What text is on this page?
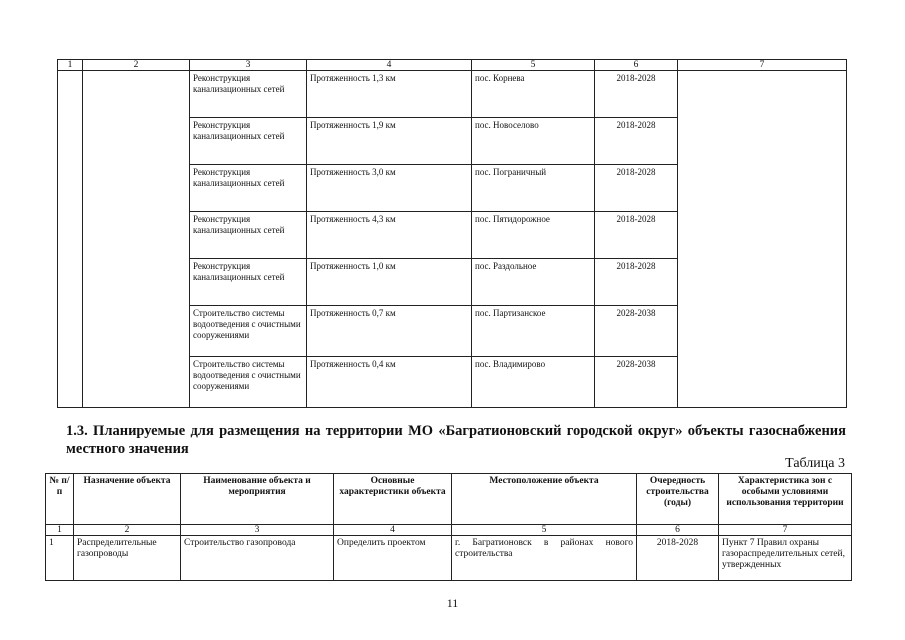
1	2	3	4	5	6	7
		Реконструкция канализационных сетей	Протяженность 1,3 км	пос. Корнева	2018-2028	
		Реконструкция канализационных сетей	Протяженность 1,9 км	пос. Новоселово	2018-2028	
		Реконструкция канализационных сетей	Протяженность 3,0 км	пос. Пограничный	2018-2028	
		Реконструкция канализационных сетей	Протяженность 4,3 км	пос. Пятидорожное	2018-2028	
		Реконструкция канализационных сетей	Протяженность 1,0 км	пос. Раздольное	2018-2028	
		Строительство системы водоотведения с очистными сооружениями	Протяженность 0,7 км	пос. Партизанское	2028-2038	
		Строительство системы водоотведения с очистными сооружениями	Протяженность 0,4 км	пос. Владимирово	2028-2038	

1.3. Планируемые для размещения на территории МО «Багратионовский городской округ» объекты газоснабжения местного значения

Таблица 3

№ п/п	Назначение объекта	Наименование объекта и мероприятия	Основные характеристики объекта	Местоположение объекта	Очередность строительства (годы)	Характеристика зон с особыми условиями использования территории
1	2	3	4	5	6	7
1	Распределительные газопроводы	Строительство газопровода	Определить проектом	г. Багратионовск в районах нового строительства	2018-2028	Пункт 7 Правил охраны газораспределительных сетей, утвержденных

11
